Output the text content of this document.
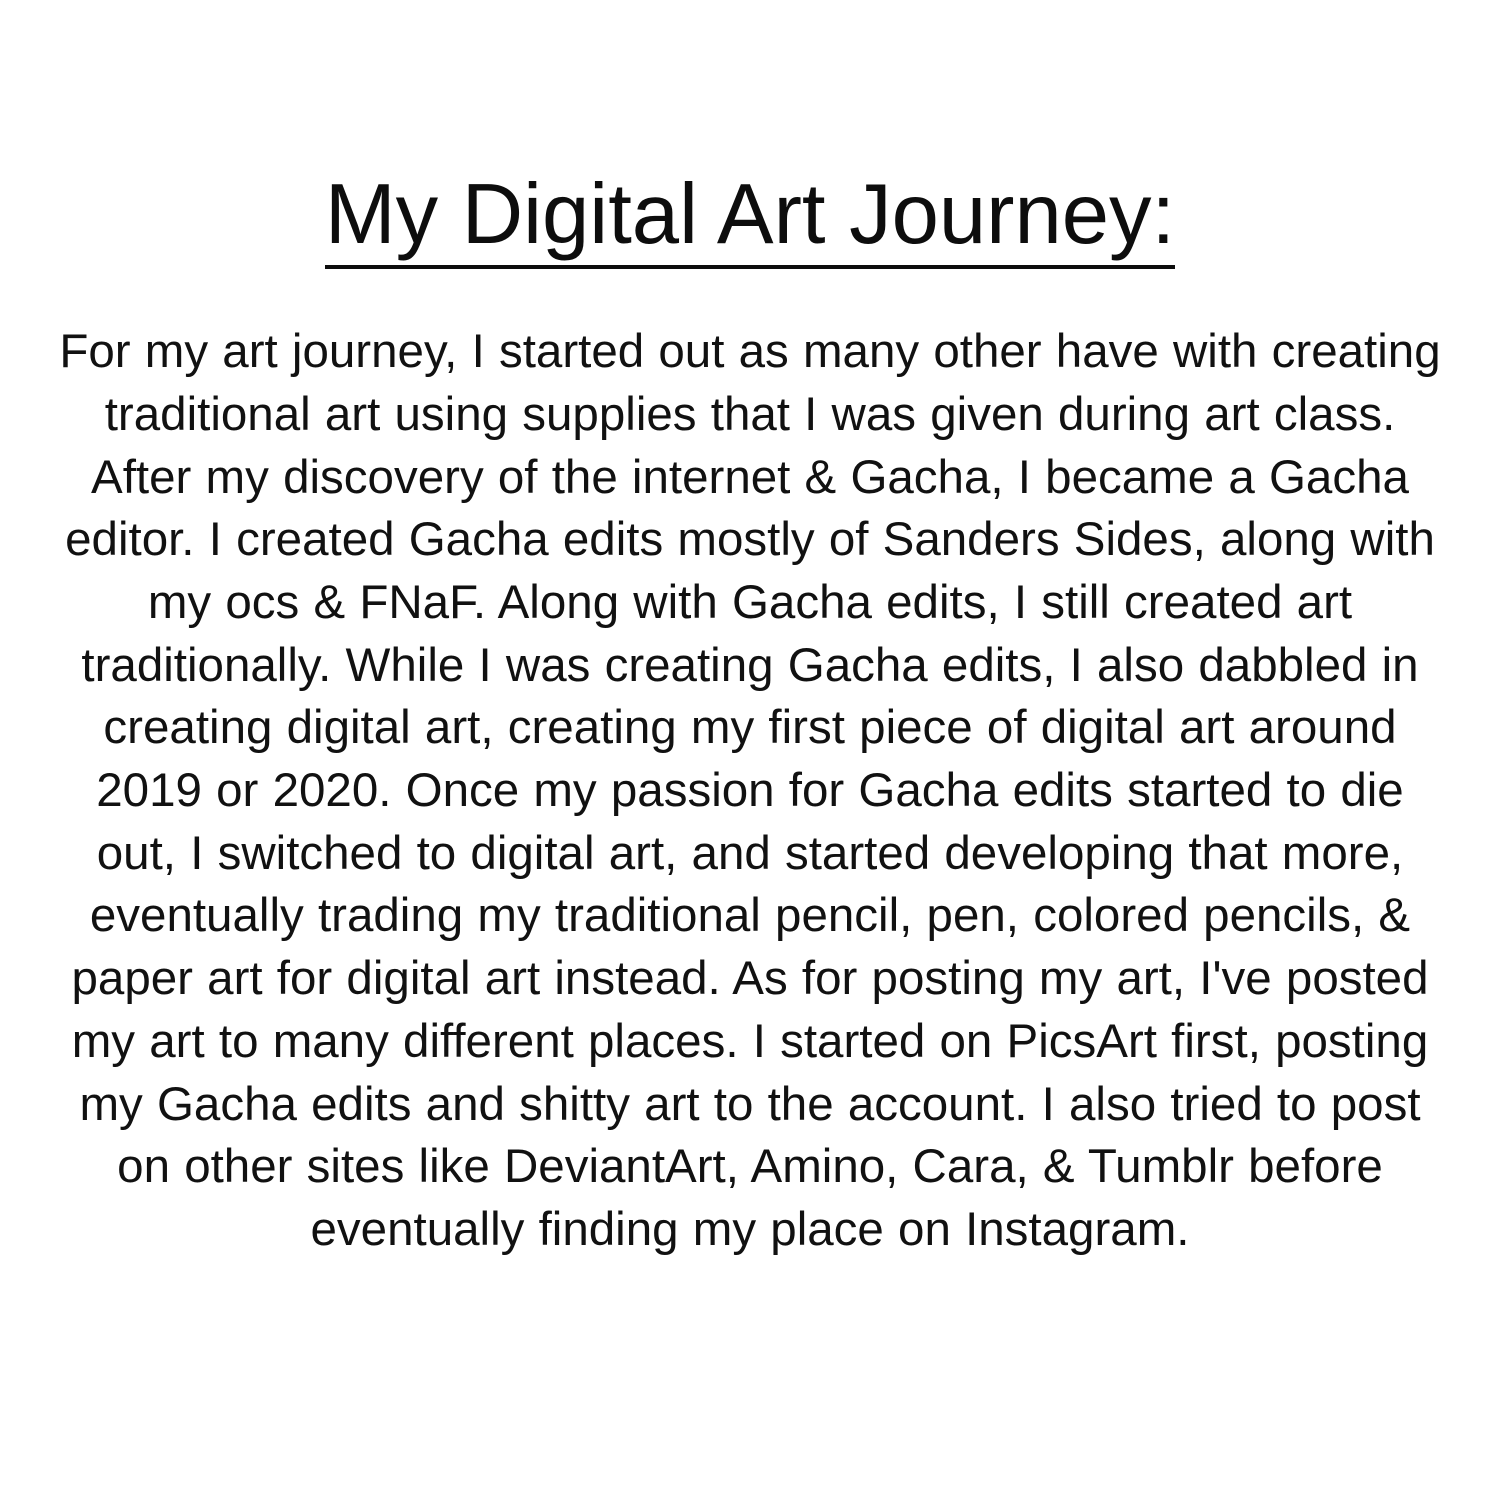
My Digital Art Journey:

For my art journey, I started out as many other have with creating traditional art using supplies that I was given during art class. After my discovery of the internet & Gacha, I became a Gacha editor. I created Gacha edits mostly of Sanders Sides, along with my ocs & FNaF. Along with Gacha edits, I still created art traditionally. While I was creating Gacha edits, I also dabbled in creating digital art, creating my first piece of digital art around 2019 or 2020. Once my passion for Gacha edits started to die out, I switched to digital art, and started developing that more, eventually trading my traditional pencil, pen, colored pencils, & paper art for digital art instead. As for posting my art, I've posted my art to many different places. I started on PicsArt first, posting my Gacha edits and shitty art to the account. I also tried to post on other sites like DeviantArt, Amino, Cara, & Tumblr before eventually finding my place on Instagram.
